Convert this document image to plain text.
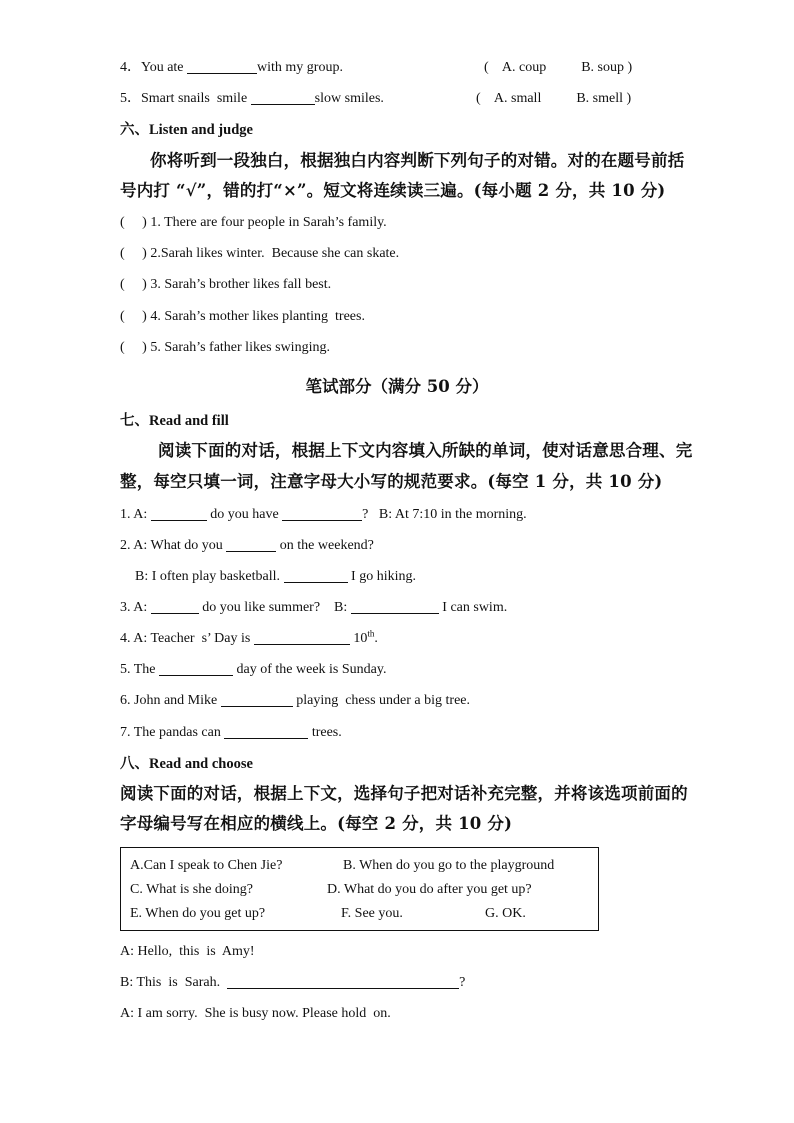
4．You ate	with my group.	(    A. coup          B. soup )
5．Smart snails  smile	slow smiles.	(    A. small          B. smell )
六、Listen and judge
你将听到一段独白，根据独白内容判断下列句子的对错。对的在题号前括
号内打 “√”，错的打“×”。短文将连续读三遍。(每小题 2 分，共 10 分)
(     ) 1. There are four people in Sarah’s family.
(     ) 2.Sarah likes winter.  Because she can skate.
(     ) 3. Sarah’s brother likes fall best.
(     ) 4. Sarah’s mother likes planting  trees.
(     ) 5. Sarah’s father likes swinging.
笔试部分（满分 50 分）
七、Read and fill
阅读下面的对话，根据上下文内容填入所缺的单词，使对话意思合理、完
整，每空只填一词，注意字母大小写的规范要求。(每空 1 分，共 10 分)
1. A:	do you have	?   B: At 7:10 in the morning.
2. A: What do you	on the weekend?
B: I often play basketball.	I go hiking.
3. A:	do you like summer?    B:	I can swim.
4. A: Teacher  s’ Day is	10th.
5. The	day of the week is Sunday.
6. John and Mike	playing  chess under a big tree.
7. The pandas can	trees.
八、Read and choose
阅读下面的对话，根据上下文，选择句子把对话补充完整，并将该选项前面的
字母编号写在相应的横线上。(每空 2 分，共 10 分)
A.Can I speak to Chen Jie?	B. When do you go to the playground
C. What is she doing?	D. What do you do after you get up?
E. When do you get up?	F. See you.	G. OK.
A: Hello,  this  is  Amy!
B: This  is  Sarah.	?
A: I am sorry.  She is busy now. Please hold  on.
